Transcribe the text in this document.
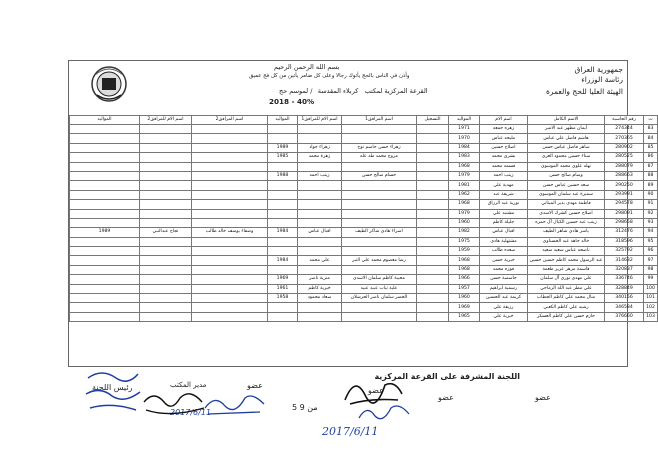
بسم الله الرحمن الرحيم
وأذن في الناس بالحج يأتوك رجالا وعلى كل ضامر يأتين من كل فج عميق
جمهورية العراق
رئاسة الوزراء
الهيئة العليا للحج والعمرة
القرعة المركزية لمكتب كربلاء المقدسة / لموسم حج
2018 - 40%
ت	رقم الحاسبة	الاسم الكامل	اسم الام	المواليد	التسجيل	اسم المرافق1	اسم الام للمرافق1	المواليد	اسم المرافق2	اسم الام للمرافق2	المواليد
83	274344	أيمان مظهر عبد الامير	زهره جمعه	1971							
84	270365	هاشم فاضل علي عباس	مليحه عباس	1970							
85	280902	ساهر فاضل عباس حسن	اصلاح حسين	1984		زهراء حسن جاسم نوح	زهراء جواد	1989			
86	280525	سناء حسين محمود العزي	بشرى محمد	1983		مروج محمد طه عله	زهرة محمد	1985			
87	288079	نهله علوي محمد الموسوي	فسمه محمد	1968							
88	288663	وسام صالح حسن	زينب احمد	1979		حسام صالح حسن	زينب احمد	1988			
89	290250	سعد حسين عباس حسن	مهدية علي	1981							
90	293991	سميرة عبد سلمان الموسوي	شريفة عبد	1962							
91	294578	فاطمة مهدي بدير الميثاني	نورية عبد الرزاق	1968							
92	298091	اصلاح حسين كشرك الاسدي	مشتبه علي	1979							
93	298658	زينب عبد حسين الكيال آل حمزه	جليلة كاظم	1960							
94	312476	ياسر هادي شاهر الطيف	اقبال عباس	1982		اسراء هادي شاكر الطيف	اقبال عباس	1984	وصفاء يوسف خالد طالب	نجاح عبدالنبي	1989
95	318596	خالد جاهد عبد الحسناوي	مشتهلية هادي	1975							
96	325792	ناصحه عباس سعيد سعيد	سعده طالب	1959							
97	314632	عبد الرسول محمد كاظم حسين حسين	خيرية حسن	1968		رشا معصوم محمد علي التبر	علي محمد	1984			
98	320837	قاسمة مزهر عزيز طعمة	فوزه محمد	1968							
99	336746	علي مهدي نوري آل سلمان	جاسمية حسن	1966		محيبة كاظم سلمان الاسدي	منزية ناصر	1969			
100	328849	علي مطر عبد الله الرماحي	رسمية ابراهيم	1957		علية ثياب عبيد عبيد	خيرية كاظم	1961			
101	340156	منال محمد علي كاظم الحطاب	كريمة عبد الحسين	1960		الخضر سلمان ناصر الحرشلان	سعاد محمود	1958			
102	346584	رشيد علي كاظم الكعبي	رزيقة علي	1969							
103	376660	حازم حسن علي كاظم العسكر	خيرية علي	1965							
اللجنة المشرفة على القرعة المركزية
عضو
عضو
عضو
عضو
مدير المكتب
رئيس اللجنة
5 من 9
2017/6/11
2017/6/11
